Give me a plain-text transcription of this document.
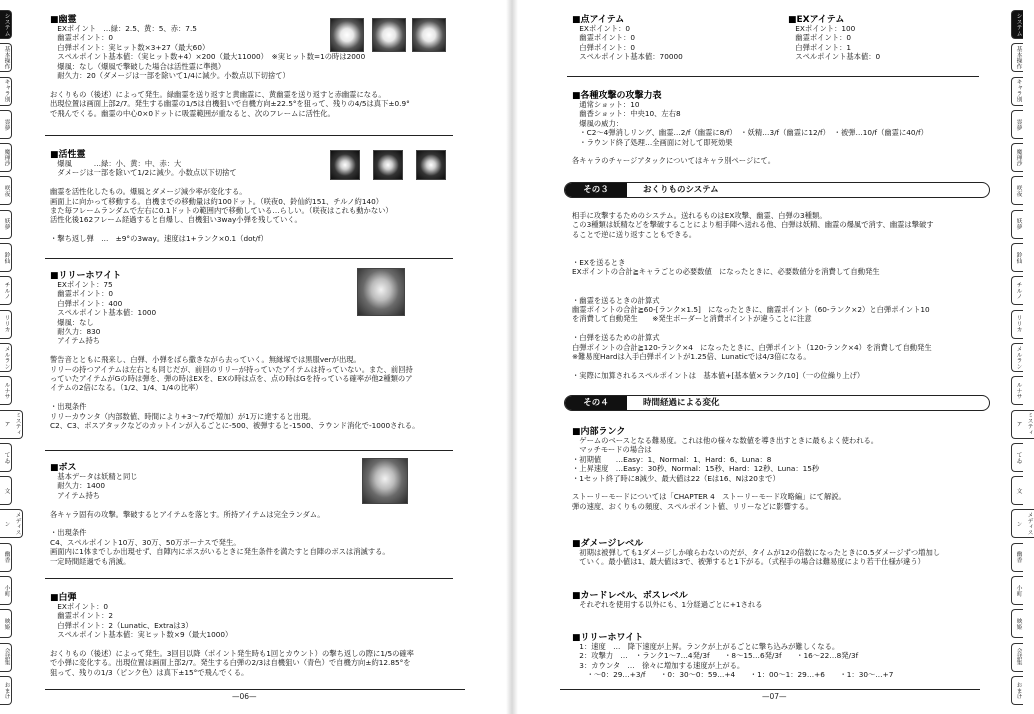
システム
基本操作
キャラ別
霊夢
魔理沙
咲夜
妖夢
鈴仙
チルノ
リリカ
メルラン
ルナサ
ミスティア
てゐ
文
メディスン
幽香
小町
映姫
会話集
おまけ
■幽霊
　EXポイント　…緑：2.5、黄：5、赤：7.5
　幽霊ポイント：0
　白弾ポイント：実ヒット数×3+27（最大60）
　スペルポイント基本値：（実ヒット数+4）×200（最大11000）　※実ヒット数=1の時は2000
　爆風：なし（爆風で撃破した場合は活性霊に準拠）
　耐久力：20（ダメージは一部を除いて1/4に減少。小数点以下切捨て）

おくりもの（後述）によって発生。緑幽霊を送り返すと黄幽霊に、黄幽霊を送り返すと赤幽霊になる。
出現位置は画面上部2/7。発生する幽霊の1/5は自機狙いで自機方向±22.5°を狙って、残りの4/5は真下±0.9°
で飛んでくる。幽霊の中心0×0ドットに吸霊範囲が重なると、次のフレームに活性化。
■活性霊
　爆風　　　…緑：小、黄：中、赤：大
　ダメージは一部を除いて1/2に減少。小数点以下切捨て

幽霊を活性化したもの。爆風とダメージ減少率が変化する。
画面上に向かって移動する。自機までの移動量は約100ドット。（咲夜0、鈴仙約151、チルノ約140）
また毎フレームランダムで左右に0.1ドットの範囲内で移動している…らしい。（咲夜はこれも動かない）
活性化後162フレーム経過すると自爆し、自機狙い3way小弾を残していく。

・撃ち返し弾　…　±9°の3way。速度は1+ランク×0.1（dot/f）
■リリーホワイト
　EXポイント：75
　幽霊ポイント：0
　白弾ポイント：400
　スペルポイント基本値：1000
　爆風：なし
　耐久力：830
　アイテム持ち

警告音とともに飛来し、白弾、小弾をばら撒きながら去っていく。無縁塚では黒服verが出現。
リリーの持つアイテムは左右とも同じだが、前回のリリーが持っていたアイテムは持っていない。また、前回持
っていたアイテムがGの時は弾を、弾の時はEXを、EXの時は点を、点の時はGを持っている確率が他2種類のア
イテムの2倍になる。（1/2、1/4、1/4の比率）

・出現条件
リリーカウンタ（内部数値、時間により+3～7/fで増加）が1万に達すると出現。
C2、C3、ボスアタックなどのカットインが入るごとに-500、被弾すると-1500、ラウンド消化で-1000される。
■ボス
　基本データは妖精と同じ
　耐久力：1400
　アイテム持ち

各キャラ固有の攻撃。撃破するとアイテムを落とす。所持アイテムは完全ランダム。

・出現条件
C4、スペルポイント10万、30万、50万ボーナスで発生。
画面内に1体までしか出現せず、自陣内にボスがいるときに発生条件を満たすと自陣のボスは消滅する。
一定時間経過でも消滅。
■白弾
　EXポイント：0
　幽霊ポイント：2
　白弾ポイント：2（Lunatic、Extraは3）
　スペルポイント基本値：実ヒット数×9（最大1000）

おくりもの（後述）によって発生。3回目以降（ポイント発生時も1回とカウント）の撃ち返しの際に1/5の確率
で小弾に変化する。出現位置は画面上部2/7。発生する白弾の2/3は自機狙い（青色）で自機方向±約12.85°を
狙って、残りの1/3（ピンク色）は真下±15°で飛んでくる。
—06—
システム
基本操作
キャラ別
霊夢
魔理沙
咲夜
妖夢
鈴仙
チルノ
リリカ
メルラン
ルナサ
ミスティア
てゐ
文
メディスン
幽香
小町
映姫
会話集
おまけ
■点アイテム
　EXポイント：0
　幽霊ポイント：0
　白弾ポイント：0
　スペルポイント基本値：70000
■EXアイテム
　EXポイント：100
　幽霊ポイント：0
　白弾ポイント：1
　スペルポイント基本値：0
■各種攻撃の攻撃力表
　通常ショット：10
　幽香ショット：中央10、左右8
　爆風の威力：
　・C2～4弾消しリング、幽霊…2/f（幽霊に8/f）　・妖精…3/f（幽霊に12/f）　・被弾…10/f（幽霊に40/f）
　・ラウンド終了処理…全画面に対して即死効果

各キャラのチャージアタックについてはキャラ別ページにて。
その３	おくりものシステム
相手に攻撃するためのシステム。送れるものはEX攻撃、幽霊、白弾の3種類。
この3種類は妖精などを撃破することにより相手陣へ送れる他、白弾は妖精、幽霊の爆風で消す、幽霊は撃破す
ることで逆に送り返すこともできる。

・EXを送るとき
EXポイントの合計≧キャラごとの必要数値　になったときに、必要数値分を消費して自動発生

・幽霊を送るときの計算式
幽霊ポイントの合計≧60-[ランク×1.5]　になったときに、幽霊ポイント（60-ランク×2）と白弾ポイント10
を消費して自動発生　　※発生ボーダーと消費ポイントが違うことに注意

・白弾を送るための計算式
白弾ポイントの合計≧120-ランク×4　になったときに、白弾ポイント（120-ランク×4）を消費して自動発生
※難易度Hardは入手白弾ポイントが1.25倍、Lunaticでは4/3倍になる。

・実際に加算されるスペルポイントは　基本値+[基本値×ランク/10]（一の位繰り上げ）
その４	時間経過による変化
■内部ランク
　ゲームのベースとなる難易度。これは他の様々な数値を導き出すときに最もよく使われる。
　マッチモードの場合は
・初期値　　…Easy：1、Normal：1、Hard：6、Luna：8
・上昇速度　…Easy：30秒、Normal：15秒、Hard：12秒、Luna：15秒
・1セット終了時に8減少、最大値は22（Eは16、Nは20まで）

ストーリーモードについては「CHAPTER 4　ストーリーモード攻略編」にて解説。
弾の速度、おくりもの頻度、スペルポイント値、リリーなどに影響する。
■ダメージレベル
　初期は被弾しても1ダメージしか喰らわないのだが、タイムが12の倍数になったときに0.5ダメージずつ増加し
　ていく。最小値は1、最大値は3で、被弾すると1下がる。（式程手の場合は難易度により若干仕様が違う）
■カードレベル、ボスレベル
　それぞれを使用する以外にも、1分経過ごとに+1される
■リリーホワイト
　1：速度　…　降下速度が上昇。ランクが上がるごとに撃ち込みが難しくなる。
　2：攻撃力　…　・ランク1～7…4発/3f　　・8～15…6発/3f　　・16～22…8発/3f
　3：カウンタ　…　徐々に増加する速度が上がる。
　　・～0：29…+3/f　　・0：30～0：59…+4　　・1：00～1：29…+6　　・1：30～…+7
—07—
